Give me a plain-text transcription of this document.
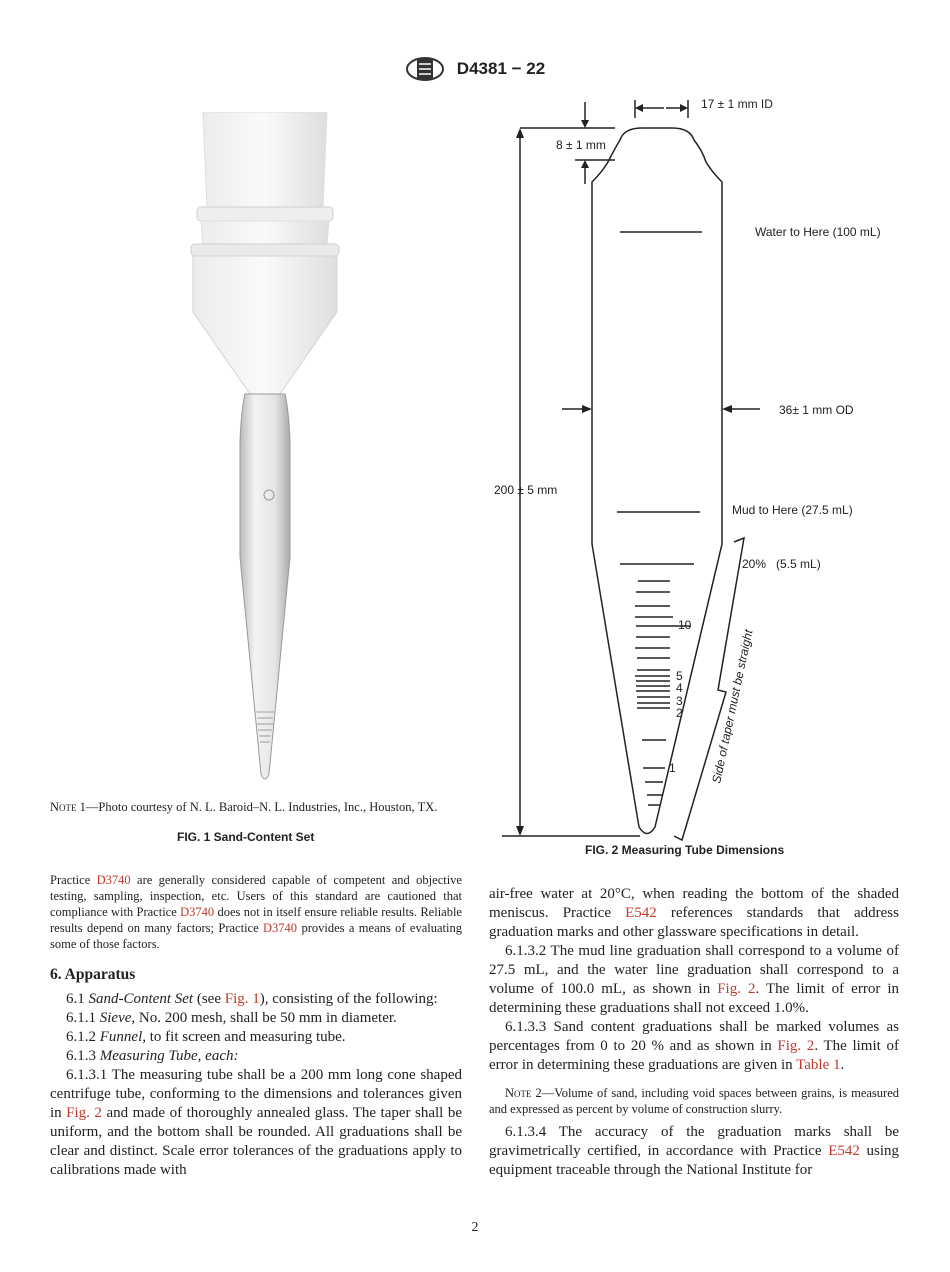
D4381 − 22
Note 1—Photo courtesy of N. L. Baroid–N. L. Industries, Inc., Houston, TX.
FIG. 1 Sand-Content Set
17 ± 1 mm ID
8 ± 1 mm
Water to Here (100 mL)
36± 1 mm OD
200 ± 5 mm
Mud to Here (27.5 mL)
20%   (5.5 mL)
10
5
4
3
2
1	Side of taper must be straight
FIG. 2 Measuring Tube Dimensions

Practice D3740 are generally considered capable of competent and objective testing, sampling, inspection, etc. Users of this standard are cautioned that compliance with Practice D3740 does not in itself ensure reliable results. Reliable results depend on many factors; Practice D3740 provides a means of evaluating some of those factors.

6. Apparatus

6.1 Sand-Content Set (see Fig. 1), consisting of the following:

6.1.1 Sieve, No. 200 mesh, shall be 50 mm in diameter.

6.1.2 Funnel, to fit screen and measuring tube.

6.1.3 Measuring Tube, each:

6.1.3.1 The measuring tube shall be a 200 mm long cone shaped centrifuge tube, conforming to the dimensions and tolerances given in Fig. 2 and made of thoroughly annealed glass. The taper shall be uniform, and the bottom shall be rounded. All graduations shall be clear and distinct. Scale error tolerances of the graduations apply to calibrations made with

air-free water at 20°C, when reading the bottom of the shaded meniscus. Practice E542 references standards that address graduation marks and other glassware specifications in detail.

6.1.3.2 The mud line graduation shall correspond to a volume of 27.5 mL, and the water line graduation shall correspond to a volume of 100.0 mL, as shown in Fig. 2. The limit of error in determining these graduations shall not exceed 1.0%.

6.1.3.3 Sand content graduations shall be marked volumes as percentages from 0 to 20 % and as shown in Fig. 2. The limit of error in determining these graduations are given in Table 1.

Note 2—Volume of sand, including void spaces between grains, is measured and expressed as percent by volume of construction slurry.

6.1.3.4 The accuracy of the graduation marks shall be gravimetrically certified, in accordance with Practice E542 using equipment traceable through the National Institute for

2
